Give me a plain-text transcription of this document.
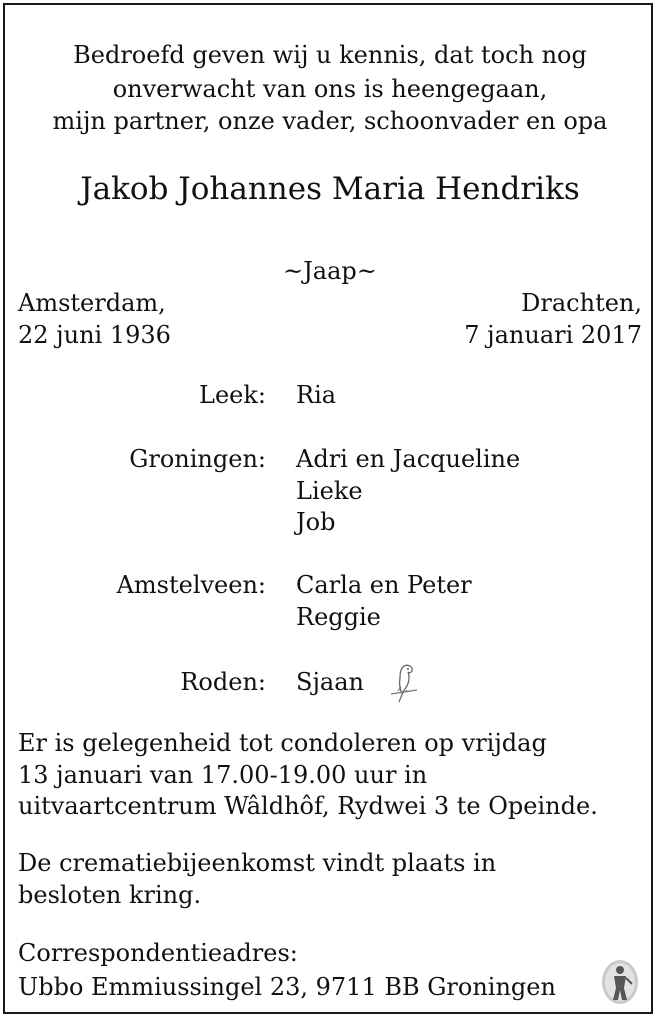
Bedroefd geven wij u kennis, dat toch nog
onverwacht van ons is heengegaan,
mijn partner, onze vader, schoonvader en opa
Jakob Johannes Maria Hendriks
~Jaap~
Amsterdam,
22 juni 1936
Drachten,
7 januari 2017
Leek: Ria
Groningen: Adri en Jacqueline
Lieke
Job
Amstelveen: Carla en Peter
Reggie
Roden: Sjaan
Er is gelegenheid tot condoleren op vrijdag
13 januari van 17.00-19.00 uur in
uitvaartcentrum Wâldhôf, Rydwei 3 te Opeinde.
De crematiebijeenkomst vindt plaats in
besloten kring.
Correspondentieadres:
Ubbo Emmiussingel 23, 9711 BB Groningen
